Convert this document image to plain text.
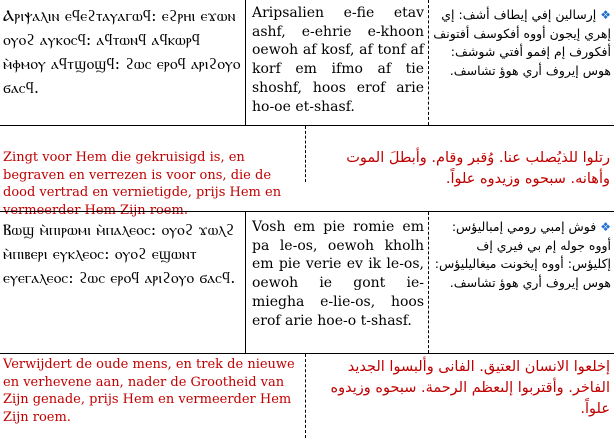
Ⲁⲣⲓⲯⲁⲗⲓⲛ ⲉϥⲉϩⲧⲁⲩⲁⲅⲱϥ: ⲉϩⲣⲏⲓ ⲉϫⲱⲛ ⲟⲩⲟϩ ⲁⲩⲕⲟⲥϥ: ⲁϥⲧⲱⲛϥ ⲁϥⲕⲱⲣϥ ⲙ̀ⲫⲙⲟⲩ ⲁϥⲧϣⲟϣϥ: ϩⲱⲥ ⲉⲣⲟϥ ⲁⲣⲓϩⲟⲩⲟ ϭⲁⲥϥ.
Aripsalien e-fie etav ashf, e-ehrie e-khoon oewoh af kosf, af tonf af korf em ifmo af tie shoshf, hoos erof arie ho-oe et-shasf.
❖ إرسالين إفي إيطاف أشف: إي إهري إيجون أووه أفكوسف أفتونف أفكورف إم إفمو أفتي شوشف: هوس إيروف أري هوؤ تشاسف.
Zingt voor Hem die gekruisigd is, en begraven en verrezen is voor ons, die de dood vertrad en vernietigde, prijs Hem en vermeerder Hem Zijn roem.
رتلوا للذيُصلب عنا. وُقبر وقام. وأبطلَ الموت وأهانه. سبحوه وزيدوه علواً.
Ⲃⲱϣ ⲙ̀ⲡⲓⲣⲱⲙⲓ ⲙ̀ⲡⲁⲗⲉⲟⲥ: ⲟⲩⲟϩ ϫⲱⲗϩ ⲙ̀ⲡⲓⲃⲉⲣⲓ ⲉⲩⲕⲗⲉⲟⲥ: ⲟⲩⲟϩ ⲉϣⲱⲛⲧ ⲉⲩⲉⲅⲁⲗⲉⲟⲥ: ϩⲱⲥ ⲉⲣⲟϥ ⲁⲣⲓϩⲟⲩⲟ ϭⲁⲥϥ.
Vosh em pie romie em pa le-os, oewoh kholh em pie verie ev ik le-os, oewoh ie gont ie-miegha e-lie-os, hoos erof arie hoe-o t-shasf.
❖ فوش إمبي رومي إمباليؤس: أووه جوله إم بي فيري إف إكليؤس: أووه إيخونت ميغاليليؤس: هوس إيروف أري هوؤ تشاسف.
Verwijdert de oude mens, en trek de nieuwe en verhevene aan, nader de Grootheid van Zijn genade, prijs Hem en vermeerder Hem Zijn roem.
إخلعوا الانسان العتيق. الفانى وألبسوا الجديد الفاخر. وأقتربوا إلىعظم الرحمة. سبحوه وزيدوه علواً.
